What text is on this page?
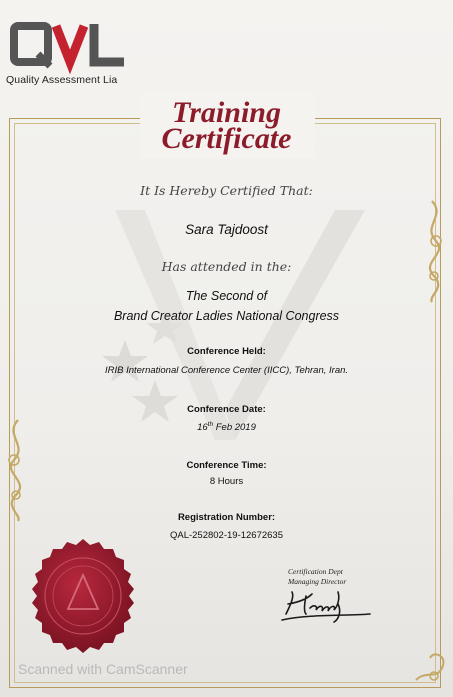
Quality Assessment Lia
Training
Certificate
It Is Hereby Certified That:
Sara Tajdoost
Has attended in the:
The Second of
Brand Creator Ladies National Congress
Conference Held:
IRIB International Conference Center (IICC), Tehran, Iran.
Conference Date:
16th Feb 2019
Conference Time:
8 Hours
Registration Number:
QAL-252802-19-12672635
Certification Dept
Managing Director
Scanned with CamScanner
